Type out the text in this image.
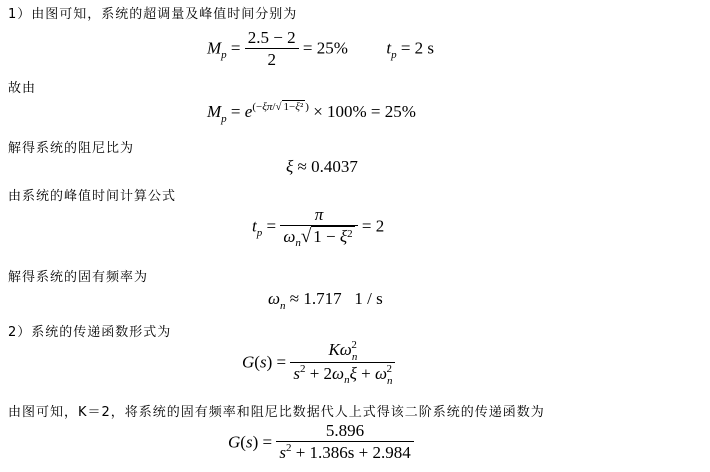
1）由图可知，系统的超调量及峰值时间分别为
$M_p = \frac{2.5 - 2}{2} = 25\%$ $t_p = 2$ s
故由
$M_p = e^{(-\xi\pi/√ 1-\xi^2 )} \times 100\% = 25\%$
解得系统的阻尼比为
ξ ≈ 0.4037
由系统的峰值时间计算公式
$t_p = \frac{\pi}{\omega_n√ 1 - \xi^2} = 2$
解得系统的固有频率为
$\omega_n \approx 1.717$ 1 / s
2）系统的传递函数形式为
$G(s) = \frac{K\omega_n^2}{s^2 + 2\omega_n\xi + \omega_n^2}$
由图可知，K＝2，将系统的固有频率和阻尼比数据代人上式得该二阶系统的传递函数为
$G(s) = \frac{5.896}{s^2 + 1.386s + 2.984}$
